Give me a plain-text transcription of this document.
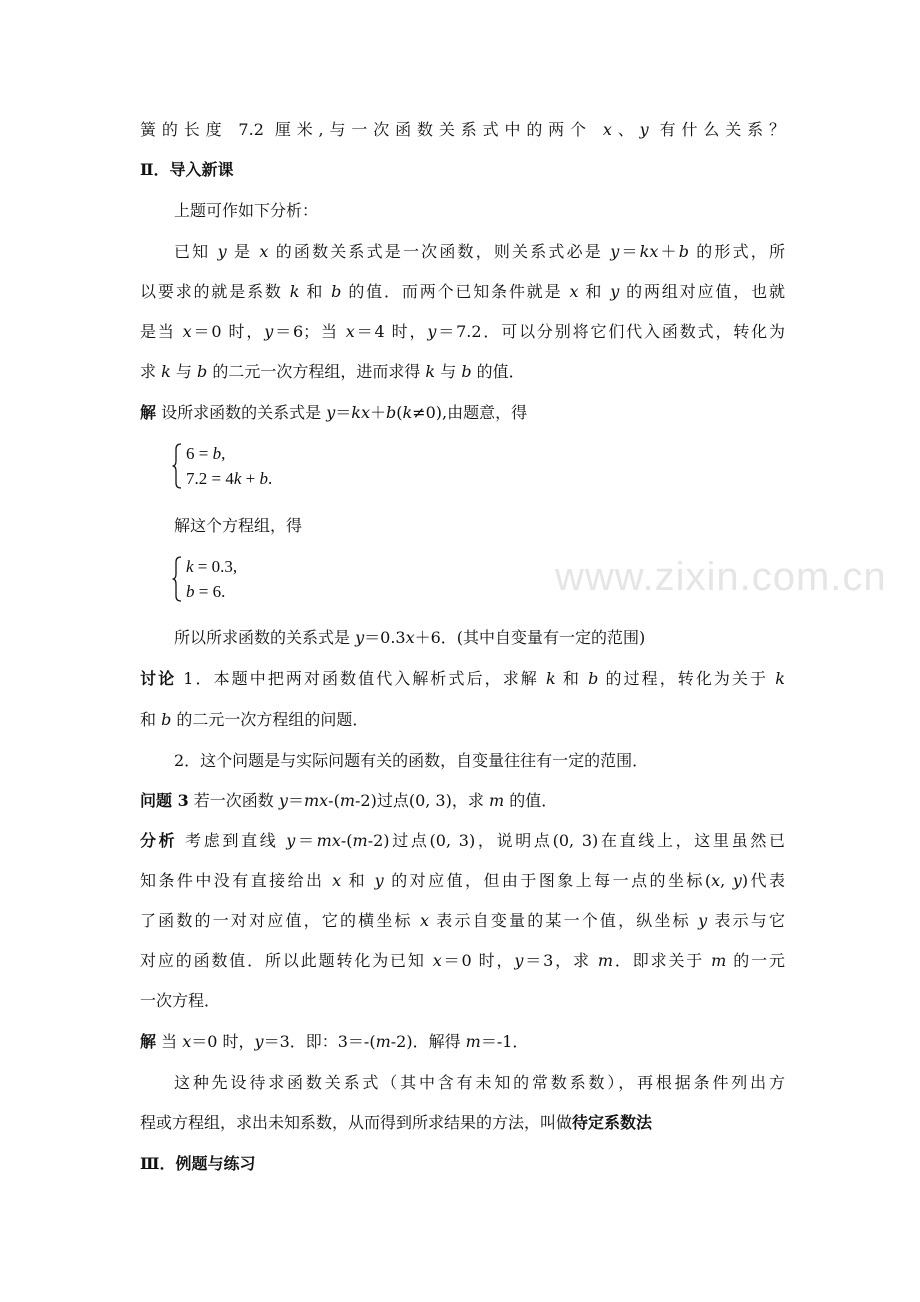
簧的长度 7.2 厘米,与一次函数关系式中的两个 x、y 有什么关系？
Ⅱ．导入新课
上题可作如下分析：
已知 y 是 x 的函数关系式是一次函数，则关系式必是 y＝kx＋b 的形式，所
以要求的就是系数 k 和 b 的值．而两个已知条件就是 x 和 y 的两组对应值，也就
是当 x＝0 时，y＝6；当 x＝4 时，y＝7.2．可以分别将它们代入函数式，转化为
求 k 与 b 的二元一次方程组，进而求得 k 与 b 的值．
解 设所求函数的关系式是 y＝kx＋b(k≠0),由题意，得
6 = b,
7.2 = 4k + b.
解这个方程组，得
k = 0.3,
b = 6.
所以所求函数的关系式是 y＝0.3x＋6．(其中自变量有一定的范围)
讨论 1．本题中把两对函数值代入解析式后，求解 k 和 b 的过程，转化为关于 k
和 b 的二元一次方程组的问题．
2．这个问题是与实际问题有关的函数，自变量往往有一定的范围．
问题 3 若一次函数 y＝mx-(m-2)过点(0, 3)，求 m 的值．
分析 考虑到直线 y＝mx-(m-2)过点(0, 3)，说明点(0, 3)在直线上，这里虽然已
知条件中没有直接给出 x 和 y 的对应值，但由于图象上每一点的坐标(x, y)代表
了函数的一对对应值，它的横坐标 x 表示自变量的某一个值，纵坐标 y 表示与它
对应的函数值．所以此题转化为已知 x＝0 时，y＝3，求 m．即求关于 m 的一元
一次方程．
解 当 x＝0 时，y＝3．即：3＝-(m-2)．解得 m＝-1．
这种先设待求函数关系式（其中含有未知的常数系数），再根据条件列出方
程或方程组，求出未知系数，从而得到所求结果的方法，叫做待定系数法
Ⅲ．例题与练习
www.zixin.com.cn
